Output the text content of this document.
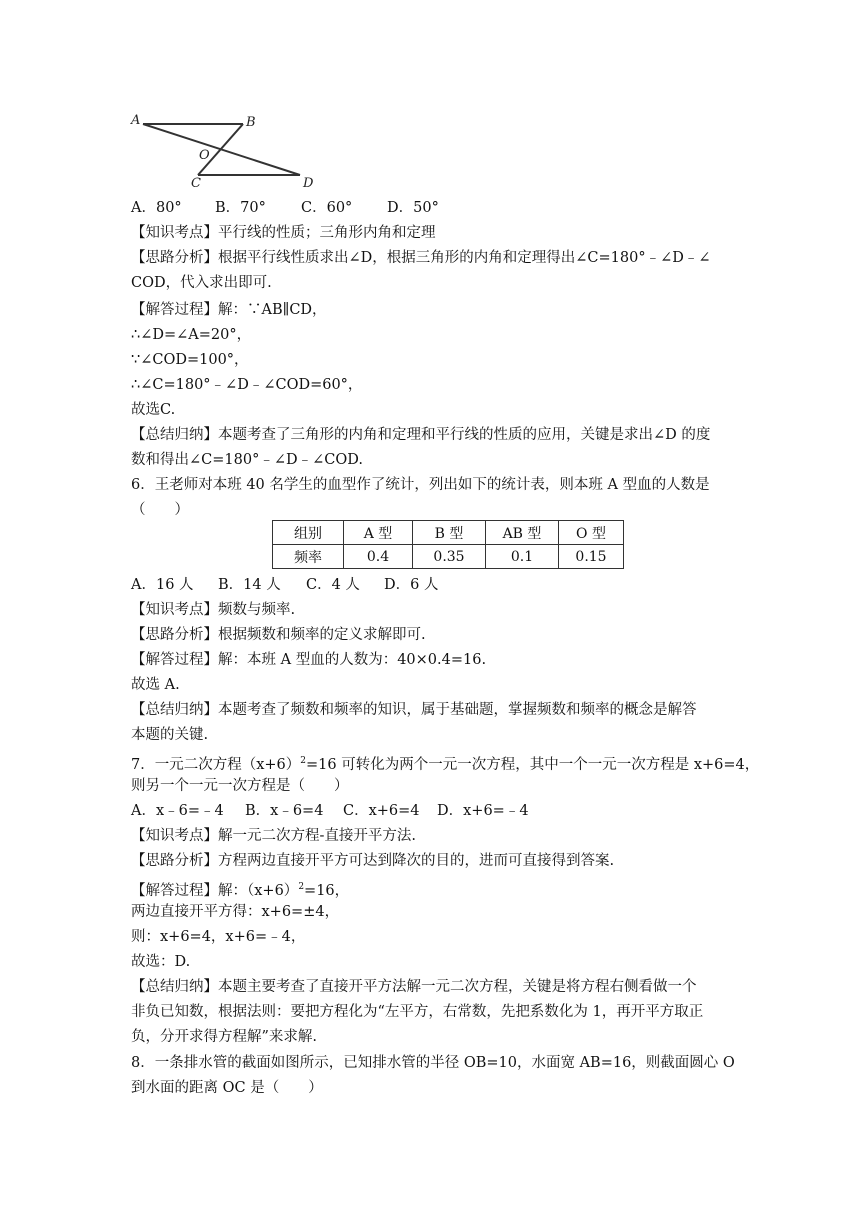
A	B
O
C	D
A．80° B．70° C．60° D．50°
【知识考点】平行线的性质；三角形内角和定理
【思路分析】根据平行线性质求出∠D，根据三角形的内角和定理得出∠C=180°﹣∠D﹣∠
COD，代入求出即可.
【解答过程】解：∵AB∥CD，
∴∠D=∠A=20°，
∵∠COD=100°，
∴∠C=180°﹣∠D﹣∠COD=60°，
故选C.
【总结归纳】本题考查了三角形的内角和定理和平行线的性质的应用，关键是求出∠D 的度
数和得出∠C=180°﹣∠D﹣∠COD.
6．王老师对本班 40 名学生的血型作了统计，列出如下的统计表，则本班 A 型血的人数是
（　　）
组别	A 型	B 型	AB 型	O 型
频率	0.4	0.35	0.1	0.15
A．16 人 B．14 人 C．4 人 D．6 人
【知识考点】频数与频率.
【思路分析】根据频数和频率的定义求解即可.
【解答过程】解：本班 A 型血的人数为：40×0.4=16.
故选 A.
【总结归纳】本题考查了频数和频率的知识，属于基础题，掌握频数和频率的概念是解答
本题的关键.
7．一元二次方程$(x+6)^2=16$ 可转化为两个一元一次方程，其中一个一元一次方程是 x+6=4，
则另一个一元一次方程是（　　）
A．x﹣6=﹣4 B．x﹣6=4 C．x+6=4 D．x+6=﹣4
【知识考点】解一元二次方程-直接开平方法.
【思路分析】方程两边直接开平方可达到降次的目的，进而可直接得到答案.
【解答过程】解：$(x+6)^2=16$，
两边直接开平方得：x+6=±4，
则：x+6=4，x+6=﹣4，
故选：D.
【总结归纳】本题主要考查了直接开平方法解一元二次方程，关键是将方程右侧看做一个
非负已知数，根据法则：要把方程化为“左平方，右常数，先把系数化为 1，再开平方取正
负，分开求得方程解”来求解.
8．一条排水管的截面如图所示，已知排水管的半径 OB=10，水面宽 AB=16，则截面圆心 O
到水面的距离 OC 是（　　）
